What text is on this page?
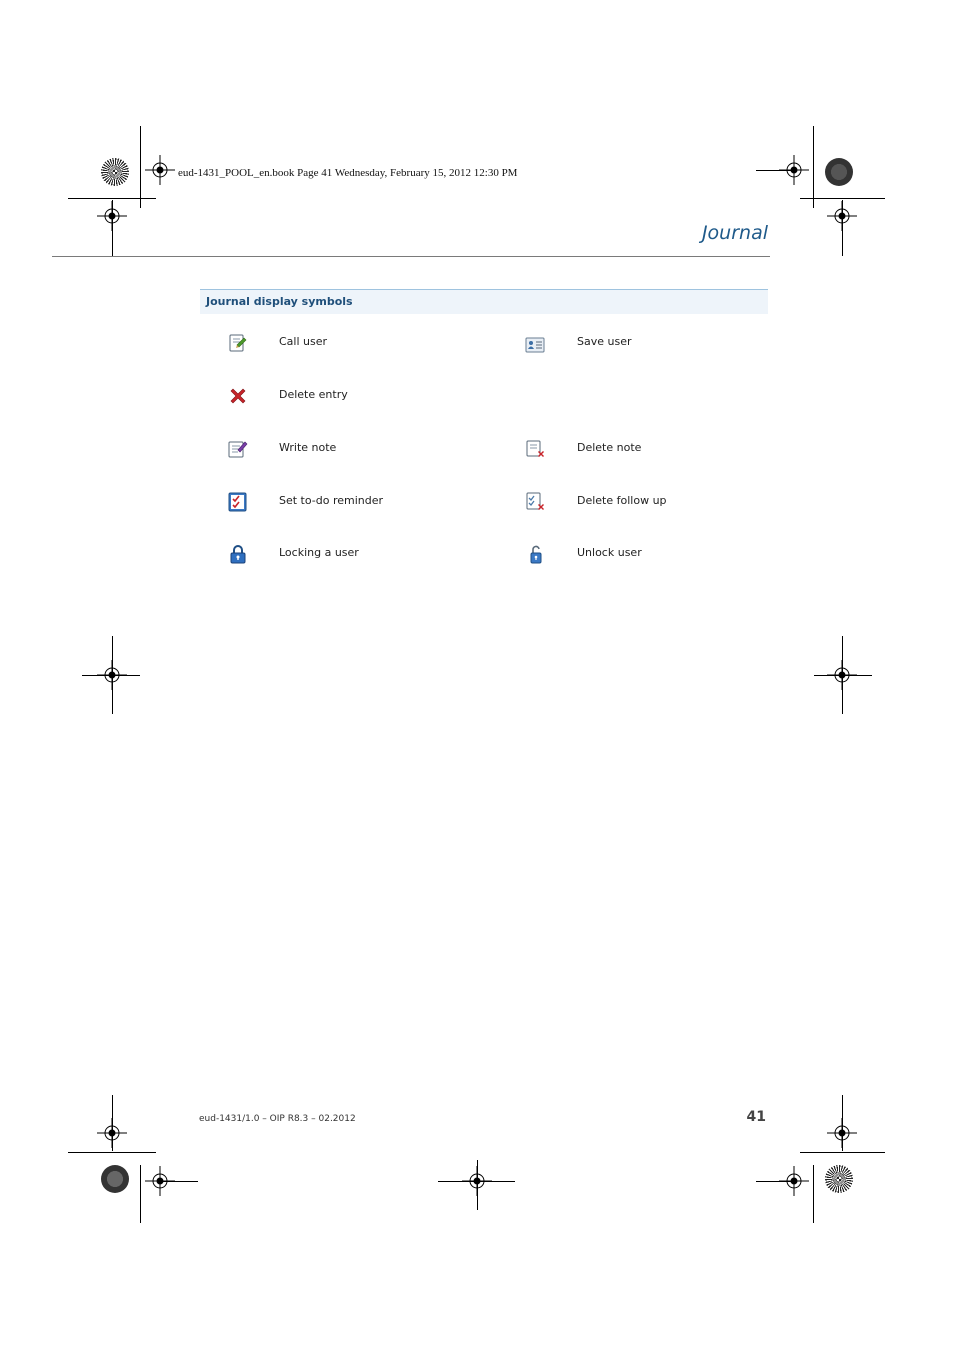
eud-1431_POOL_en.book Page 41 Wednesday, February 15, 2012 12:30 PM
Journal
Journal display symbols
Call user	Save user
Delete entry
Write note	Delete note
Set to-do reminder	Delete follow up
Locking a user	Unlock user
eud-1431/1.0 – OIP R8.3 – 02.2012	41
